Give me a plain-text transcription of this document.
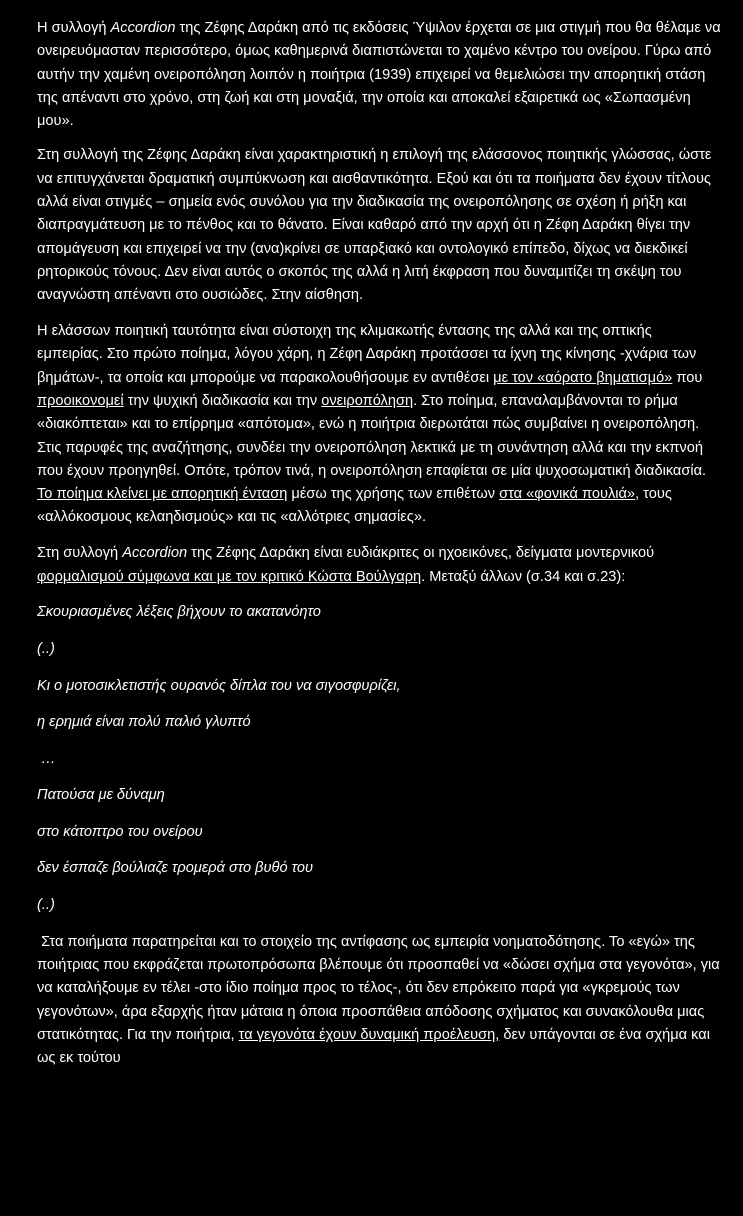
Η συλλογή Accordion της Ζέφης Δαράκη από τις εκδόσεις Ύψιλον έρχεται σε μια στιγμή που θα θέλαμε να ονειρευόμασταν περισσότερο, όμως καθημερινά διαπιστώνεται το χαμένο κέντρο του ονείρου. Γύρω από αυτήν την χαμένη ονειροπόληση λοιπόν η ποιήτρια (1939) επιχειρεί να θεμελιώσει την απορητική στάση της απέναντι στο χρόνο, στη ζωή και στη μοναξιά, την οποία και αποκαλεί εξαιρετικά ως «Σωπασμένη μου».

Στη συλλογή της Ζέφης Δαράκη είναι χαρακτηριστική η επιλογή της ελάσσονος ποιητικής γλώσσας, ώστε να επιτυγχάνεται δραματική συμπύκνωση και αισθαντικότητα. Εξού και ότι τα ποιήματα δεν έχουν τίτλους αλλά είναι στιγμές – σημεία ενός συνόλου για την διαδικασία της ονειροπόλησης σε σχέση ή ρήξη και διαπραγμάτευση με το πένθος και το θάνατο. Είναι καθαρό από την αρχή ότι η Ζέφη Δαράκη θίγει την απομάγευση και επιχειρεί να την (ανα)κρίνει σε υπαρξιακό και οντολογικό επίπεδο, δίχως να διεκδικεί ρητορικούς τόνους. Δεν είναι αυτός ο σκοπός της αλλά η λιτή έκφραση που δυναμιτίζει τη σκέψη του αναγνώστη απέναντι στο ουσιώδες. Στην αίσθηση.

Η ελάσσων ποιητική ταυτότητα είναι σύστοιχη της κλιμακωτής έντασης της αλλά και της οπτικής εμπειρίας. Στο πρώτο ποίημα, λόγου χάρη, η Ζέφη Δαράκη προτάσσει τα ίχνη της κίνησης -χνάρια των βημάτων-, τα οποία και μπορούμε να παρακολουθήσουμε εν αντιθέσει με τον «αόρατο βηματισμό» που προοικονομεί την ψυχική διαδικασία και την ονειροπόληση. Στο ποίημα, επαναλαμβάνονται το ρήμα «διακόπτεται» και το επίρρημα «απότομα», ενώ η ποιήτρια διερωτάται πώς συμβαίνει η ονειροπόληση. Στις παρυφές της αναζήτησης, συνδέει την ονειροπόληση λεκτικά με τη συνάντηση αλλά και την εκπνοή που έχουν προηγηθεί. Οπότε, τρόπον τινά, η ονειροπόληση επαφίεται σε μία ψυχοσωματική διαδικασία. Το ποίημα κλείνει με απορητική ένταση μέσω της χρήσης των επιθέτων στα «φονικά πουλιά», τους «αλλόκοσμους κελαηδισμούς» και τις «αλλότριες σημασίες».

Στη συλλογή Accordion της Ζέφης Δαράκη είναι ευδιάκριτες οι ηχοεικόνες, δείγματα μοντερνικού φορμαλισμού σύμφωνα και με τον κριτικό Κώστα Βούλγαρη. Μεταξύ άλλων (σ.34 και σ.23):

Σκουριασμένες λέξεις βήχουν το ακατανόητο

(..)

Κι ο μοτοσικλετιστής ουρανός δίπλα του να σιγοσφυρίζει,

η ερημιά είναι πολύ παλιό γλυπτό

…

Πατούσα με δύναμη

στο κάτοπτρο του ονείρου

δεν έσπαζε βούλιαζε τρομερά στο βυθό του

(..)

Στα ποιήματα παρατηρείται και το στοιχείο της αντίφασης ως εμπειρία νοηματοδότησης. Το «εγώ» της ποιήτριας που εκφράζεται πρωτοπρόσωπα βλέπουμε ότι προσπαθεί να «δώσει σχήμα στα γεγονότα», για να καταλήξουμε εν τέλει -στο ίδιο ποίημα προς το τέλος-, ότι δεν επρόκειτο παρά για «γκρεμούς των γεγονότων», άρα εξαρχής ήταν μάταια η όποια προσπάθεια απόδοσης σχήματος και συνακόλουθα μιας στατικότητας. Για την ποιήτρια, τα γεγονότα έχουν δυναμική προέλευση, δεν υπάγονται σε ένα σχήμα και ως εκ τούτου
